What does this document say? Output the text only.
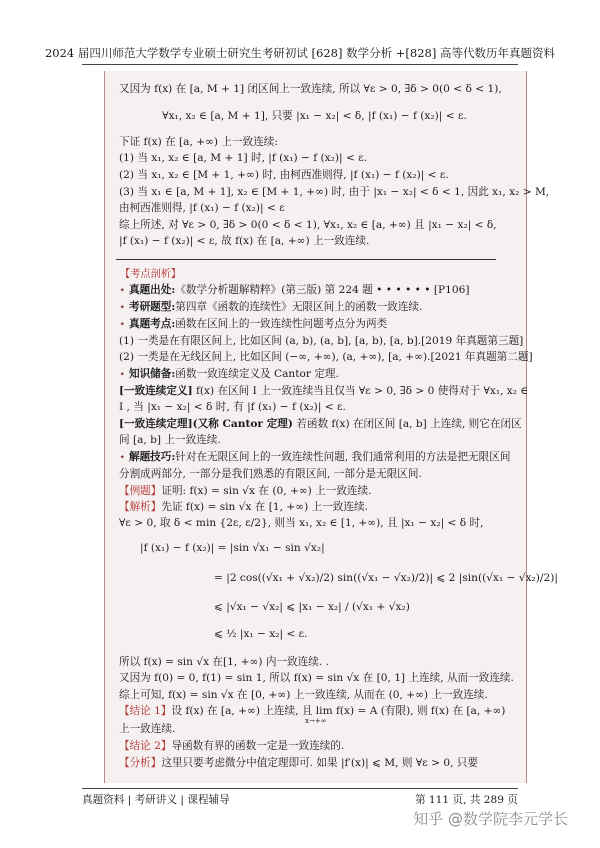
2024 届四川师范大学数学专业硕士研究生考研初试 [628] 数学分析 +[828] 高等代数历年真题资料
又因为 f(x) 在 [a, M + 1] 闭区间上一致连续, 所以 ∀ε > 0, ∃δ > 0(0 < δ < 1),
∀x₁, x₂ ∈ [a, M + 1], 只要 |x₁ − x₂| < δ, |f (x₁) − f (x₂)| < ε.
下证 f(x) 在 [a, +∞) 上一致连续:
(1) 当 x₁, x₂ ∈ [a, M + 1] 时, |f (x₁) − f (x₂)| < ε.
(2) 当 x₁, x₂ ∈ [M + 1, +∞) 时, 由柯西准则得, |f (x₁) − f (x₂)| < ε.
(3) 当 x₁ ∈ [a, M + 1], x₂ ∈ [M + 1, +∞) 时, 由于 |x₁ − x₂| < δ < 1, 因此 x₁, x₂ > M,
由柯西准则得, |f (x₁) − f (x₂)| < ε
综上所述, 对 ∀ε > 0, ∃δ > 0(0 < δ < 1), ∀x₁, x₂ ∈ [a, +∞) 且 |x₁ − x₂| < δ,
|f (x₁) − f (x₂)| < ε, 故 f(x) 在 [a, +∞) 上一致连续.
【考点剖析】
⋆ 真题出处:《数学分析题解精粹》(第三版) 第 224 题 • • • • • • [P106]
⋆ 考研题型:第四章《函数的连续性》无限区间上的函数一致连续.
⋆ 真题考点:函数在区间上的一致连续性问题考点分为两类
(1) 一类是在有限区间上, 比如区间 (a, b), (a, b], [a, b), [a, b].[2019 年真题第三题]
(2) 一类是在无线区间上, 比如区间 (−∞, +∞), (a, +∞), [a, +∞).[2021 年真题第二题]
⋆ 知识储备:函数一致连续定义及 Cantor 定理.
[一致连续定义] f(x) 在区间 I 上一致连续当且仅当 ∀ε > 0, ∃δ > 0 使得对于 ∀x₁, x₂ ∈
I , 当 |x₁ − x₂| < δ 时, 有 |f (x₁) − f (x₂)| < ε.
[一致连续定理](又称 Cantor 定理) 若函数 f(x) 在闭区间 [a, b] 上连续, 则它在闭区
间 [a, b] 上一致连续.
⋆ 解题技巧:针对在无限区间上的一致连续性问题, 我们通常利用的方法是把无限区间
分割成两部分, 一部分是我们熟悉的有限区间, 一部分是无限区间.
【例题】证明: f(x) = sin √x 在 (0, +∞) 上一致连续.
【解析】先证 f(x) = sin √x 在 [1, +∞) 上一致连续.
∀ε > 0, 取 δ < min {2ε, ε/2}, 则当 x₁, x₂ ∈ [1, +∞), 且 |x₁ − x₂| < δ 时,
|f (x₁) − f (x₂)| = |sin √x₁ − sin √x₂|
= |2 cos((√x₁ + √x₂)/2) sin((√x₁ − √x₂)/2)| ⩽ 2 |sin((√x₁ − √x₂)/2)|
⩽ |√x₁ − √x₂| ⩽ |x₁ − x₂| / (√x₁ + √x₂)
⩽ ½ |x₁ − x₂| < ε.
所以 f(x) = sin √x 在[1, +∞) 内一致连续. .
又因为 f(0) = 0, f(1) = sin 1, 所以 f(x) = sin √x 在 [0, 1] 上连续, 从而一致连续.
综上可知, f(x) = sin √x 在 [0, +∞) 上一致连续, 从而在 (0, +∞) 上一致连续.
【结论 1】设 f(x) 在 [a, +∞) 上连续, 且 lim f(x) = A (有限), 则 f(x) 在 [a, +∞)
x→+∞
上一致连续.
【结论 2】导函数有界的函数一定是一致连续的.
【分析】这里只要考虑微分中值定理即可. 如果 |f′(x)| ⩽ M, 则 ∀ε > 0, 只要
真题资料 | 考研讲义 | 课程辅导	第 111 页, 共 289 页
知乎 @数学院李元学长
